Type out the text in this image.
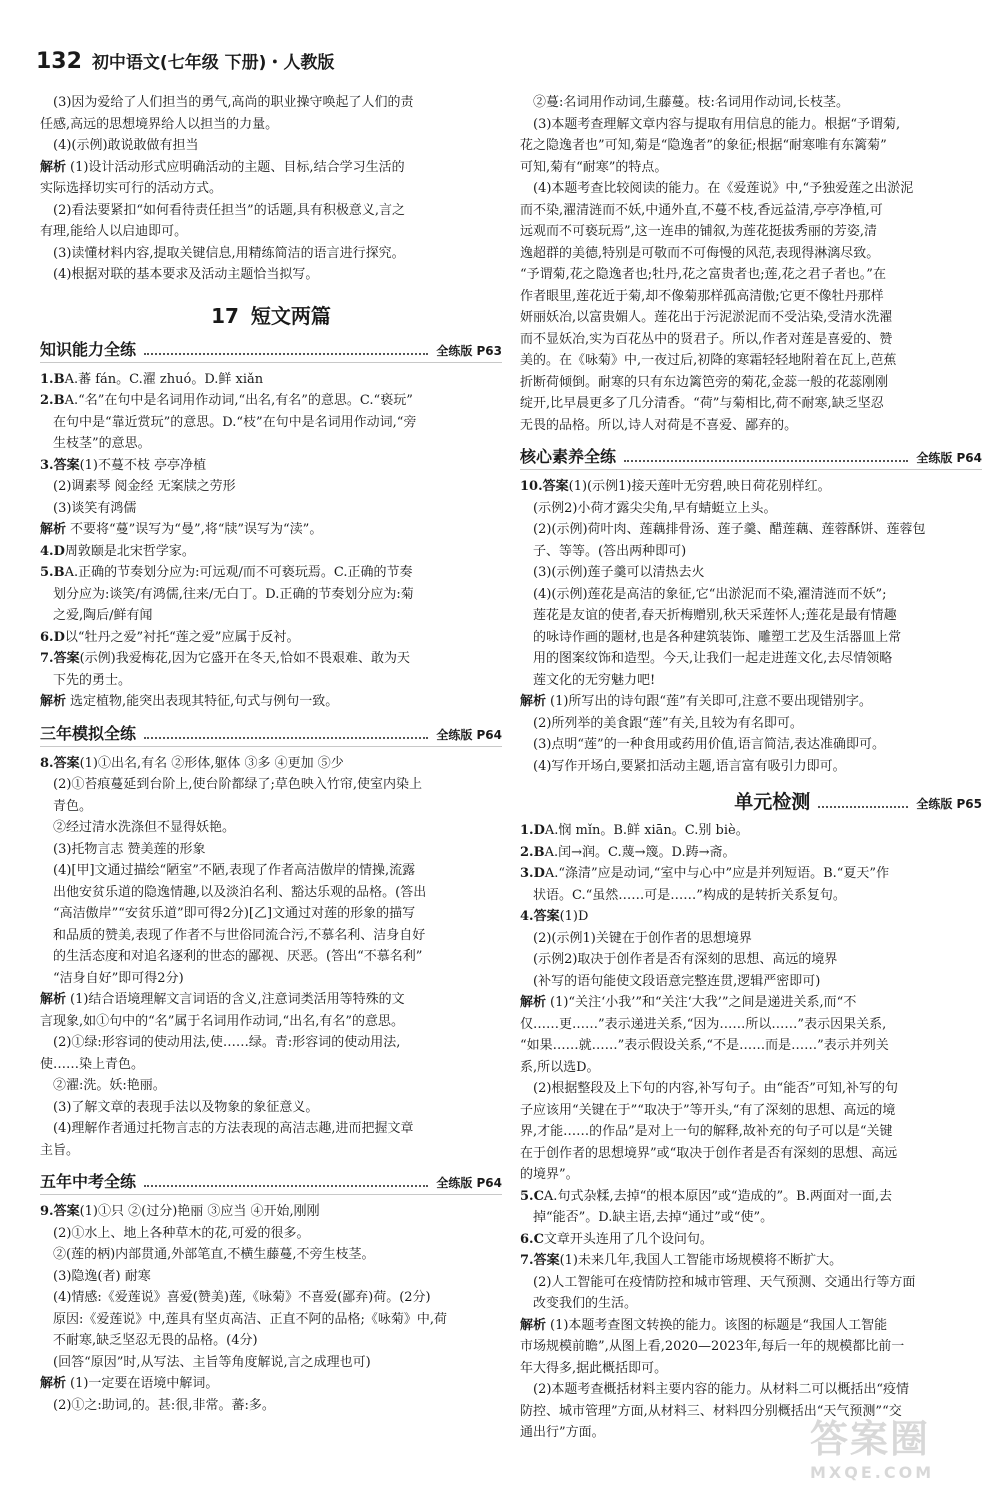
132 初中语文(七年级 下册)・人教版

(3)因为爱给了人们担当的勇气,高尚的职业操守唤起了人们的责

任感,高远的思想境界给人以担当的力量。

(4)(示例)敢说敢做有担当

解析 (1)设计活动形式应明确活动的主题、目标,结合学习生活的

实际选择切实可行的活动方式。

(2)看法要紧扣“如何看待责任担当”的话题,具有积极意义,言之

有理,能给人以启迪即可。

(3)读懂材料内容,提取关键信息,用精练简洁的语言进行探究。

(4)根据对联的基本要求及活动主题恰当拟写。

17 短文两篇
知识能力全练	全练版 P63

1.BA.蕃 fán。C.濯 zhuó。D.鲜 xiǎn

2.BA.“名”在句中是名词用作动词,“出名,有名”的意思。C.“亵玩”

在句中是“靠近赏玩”的意思。D.“枝”在句中是名词用作动词,“旁

生枝茎”的意思。

3.答案(1)不蔓不枝 亭亭净植

(2)调素琴 阅金经 无案牍之劳形

(3)谈笑有鸿儒

解析 不要将“蔓”误写为“曼”,将“牍”误写为“渎”。

4.D周敦颐是北宋哲学家。

5.BA.正确的节奏划分应为:可远观/而不可亵玩焉。C.正确的节奏

划分应为:谈笑/有鸿儒,往来/无白丁。D.正确的节奏划分应为:菊

之爱,陶后/鲜有闻

6.D以“牡丹之爱”衬托“莲之爱”应属于反衬。

7.答案(示例)我爱梅花,因为它盛开在冬天,恰如不畏艰难、敢为天

下先的勇士。

解析 选定植物,能突出表现其特征,句式与例句一致。

三年模拟全练	全练版 P64

8.答案(1)①出名,有名 ②形体,躯体 ③多 ④更加 ⑤少

(2)①苔痕蔓延到台阶上,使台阶都绿了;草色映入竹帘,使室内染上

青色。

②经过清水洗涤但不显得妖艳。

(3)托物言志 赞美莲的形象

(4)[甲]文通过描绘“陋室”不陋,表现了作者高洁傲岸的情操,流露

出他安贫乐道的隐逸情趣,以及淡泊名利、豁达乐观的品格。(答出

“高洁傲岸”“安贫乐道”即可得2分)[乙]文通过对莲的形象的描写

和品质的赞美,表现了作者不与世俗同流合污,不慕名利、洁身自好

的生活态度和对追名逐利的世态的鄙视、厌恶。(答出“不慕名利”

“洁身自好”即可得2分)

解析 (1)结合语境理解文言词语的含义,注意词类活用等特殊的文

言现象,如①句中的“名”属于名词用作动词,“出名,有名”的意思。

(2)①绿:形容词的使动用法,使……绿。青:形容词的使动用法,

使……染上青色。

②濯:洗。妖:艳丽。

(3)了解文章的表现手法以及物象的象征意义。

(4)理解作者通过托物言志的方法表现的高洁志趣,进而把握文章

主旨。

五年中考全练	全练版 P64

9.答案(1)①只 ②(过分)艳丽 ③应当 ④开始,刚刚

(2)①水上、地上各种草木的花,可爱的很多。

②(莲的柄)内部贯通,外部笔直,不横生藤蔓,不旁生枝茎。

(3)隐逸(者) 耐寒

(4)情感:《爱莲说》喜爱(赞美)莲,《咏菊》不喜爱(鄙弃)荷。(2分)

原因:《爱莲说》中,莲具有坚贞高洁、正直不阿的品格;《咏菊》中,荷

不耐寒,缺乏坚忍无畏的品格。(4分)

(回答“原因”时,从写法、主旨等角度解说,言之成理也可)

解析 (1)一定要在语境中解词。

(2)①之:助词,的。甚:很,非常。蕃:多。

②蔓:名词用作动词,生藤蔓。枝:名词用作动词,长枝茎。

(3)本题考查理解文章内容与提取有用信息的能力。根据“予谓菊,

花之隐逸者也”可知,菊是“隐逸者”的象征;根据“耐寒唯有东篱菊”

可知,菊有“耐寒”的特点。

(4)本题考查比较阅读的能力。在《爱莲说》中,“予独爱莲之出淤泥

而不染,濯清涟而不妖,中通外直,不蔓不枝,香远益清,亭亭净植,可

远观而不可亵玩焉”,这一连串的铺叙,为莲花挺拔秀丽的芳姿,清

逸超群的美德,特别是可敬而不可侮慢的风范,表现得淋漓尽致。

“予谓菊,花之隐逸者也;牡丹,花之富贵者也;莲,花之君子者也。”在

作者眼里,莲花近于菊,却不像菊那样孤高清傲;它更不像牡丹那样

妍丽妖冶,以富贵媚人。莲花出于污泥淤泥而不受沾染,受清水洗濯

而不显妖冶,实为百花丛中的贤君子。所以,作者对莲是喜爱的、赞

美的。在《咏菊》中,一夜过后,初降的寒霜轻轻地附着在瓦上,芭蕉

折断荷倾倒。耐寒的只有东边篱笆旁的菊花,金蕊一般的花蕊刚刚

绽开,比早晨更多了几分清香。“荷”与菊相比,荷不耐寒,缺乏坚忍

无畏的品格。所以,诗人对荷是不喜爱、鄙弃的。

核心素养全练	全练版 P64

10.答案(1)(示例1)接天莲叶无穷碧,映日荷花别样红。

(示例2)小荷才露尖尖角,早有蜻蜓立上头。

(2)(示例)荷叶肉、莲藕排骨汤、莲子羹、醋莲藕、莲蓉酥饼、莲蓉包

子、等等。(答出两种即可)

(3)(示例)莲子羹可以清热去火

(4)(示例)莲花是高洁的象征,它“出淤泥而不染,濯清涟而不妖”;

莲花是友谊的使者,春天折梅赠别,秋天采莲怀人;莲花是最有情趣

的咏诗作画的题材,也是各种建筑装饰、雕塑工艺及生活器皿上常

用的图案纹饰和造型。今天,让我们一起走进莲文化,去尽情领略

莲文化的无穷魅力吧!

解析 (1)所写出的诗句跟“莲”有关即可,注意不要出现错别字。

(2)所列举的美食跟“莲”有关,且较为有名即可。

(3)点明“莲”的一种食用或药用价值,语言简洁,表达准确即可。

(4)写作开场白,要紧扣活动主题,语言富有吸引力即可。

单元检测	全练版 P65

1.DA.悯 mǐn。B.鲜 xiān。C.别 biè。

2.BA.闰→润。C.蔑→篾。D.踌→斋。

3.DA.“涤清”应是动词,“室中与心中”应是并列短语。B.“夏天”作

状语。C.“虽然……可是……”构成的是转折关系复句。

4.答案(1)D

(2)(示例1)关键在于创作者的思想境界

(示例2)取决于创作者是否有深刻的思想、高远的境界

(补写的语句能使文段语意完整连贯,逻辑严密即可)

解析 (1)“关注‘小我’”和“关注‘大我’”之间是递进关系,而“不

仅……更……”表示递进关系,“因为……所以……”表示因果关系,

“如果……就……”表示假设关系,“不是……而是……”表示并列关

系,所以选D。

(2)根据整段及上下句的内容,补写句子。由“能否”可知,补写的句

子应该用“关键在于”“取决于”等开头,“有了深刻的思想、高远的境

界,才能……的作品”是对上一句的解释,故补充的句子可以是“关键

在于创作者的思想境界”或“取决于创作者是否有深刻的思想、高远

的境界”。

5.CA.句式杂糅,去掉“的根本原因”或“造成的”。B.两面对一面,去

掉“能否”。D.缺主语,去掉“通过”或“使”。

6.C文章开头连用了几个设问句。

7.答案(1)未来几年,我国人工智能市场规模将不断扩大。

(2)人工智能可在疫情防控和城市管理、天气预测、交通出行等方面

改变我们的生活。

解析 (1)本题考查图文转换的能力。该图的标题是“我国人工智能

市场规模前瞻”,从图上看,2020—2023年,每后一年的规模都比前一

年大得多,据此概括即可。

(2)本题考查概括材料主要内容的能力。从材料二可以概括出“疫情

防控、城市管理”方面,从材料三、材料四分别概括出“天气预测”“交

通出行”方面。	答案圈
MXQE.COM
